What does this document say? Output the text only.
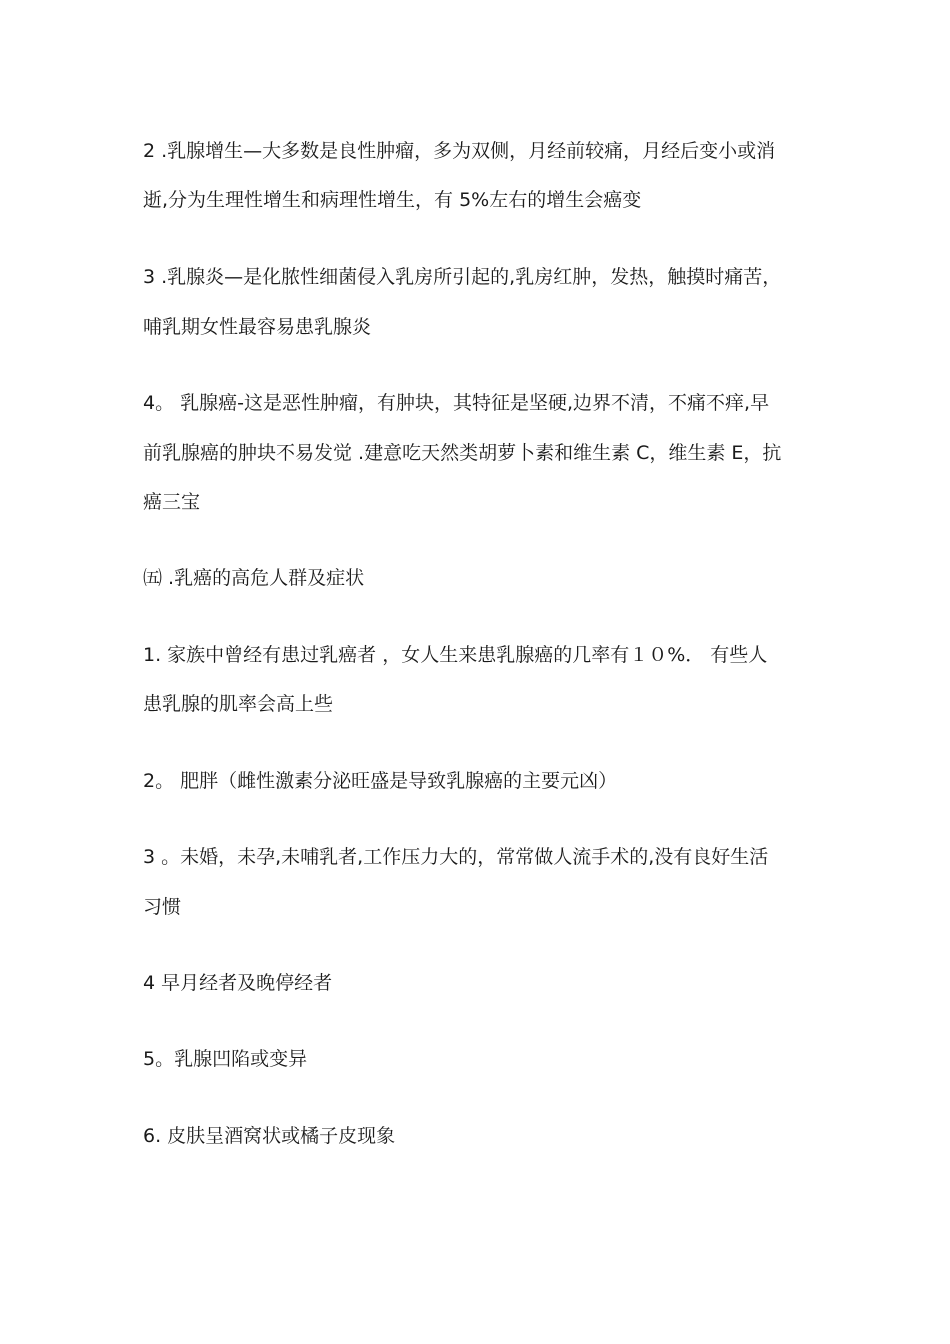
2 .乳腺增生—大多数是良性肿瘤，多为双侧，月经前较痛，月经后变小或消
逝,分为生理性增生和病理性增生，有 5%左右的增生会癌变
3 .乳腺炎—是化脓性细菌侵入乳房所引起的,乳房红肿，发热，触摸时痛苦，
哺乳期女性最容易患乳腺炎
4。 乳腺癌-这是恶性肿瘤，有肿块，其特征是坚硬,边界不清，不痛不痒,早
前乳腺癌的肿块不易发觉 .建意吃天然类胡萝卜素和维生素 C，维生素 E，抗
癌三宝
㈤ .乳癌的高危人群及症状
1. 家族中曾经有患过乳癌者 ，女人生来患乳腺癌的几率有１０%． 有些人
患乳腺的肌率会高上些
2。 肥胖（雌性激素分泌旺盛是导致乳腺癌的主要元凶）
3 。未婚，未孕,未哺乳者,工作压力大的，常常做人流手术的,没有良好生活
习惯
4 早月经者及晚停经者
5。乳腺凹陷或变异
6. 皮肤呈酒窝状或橘子皮现象
